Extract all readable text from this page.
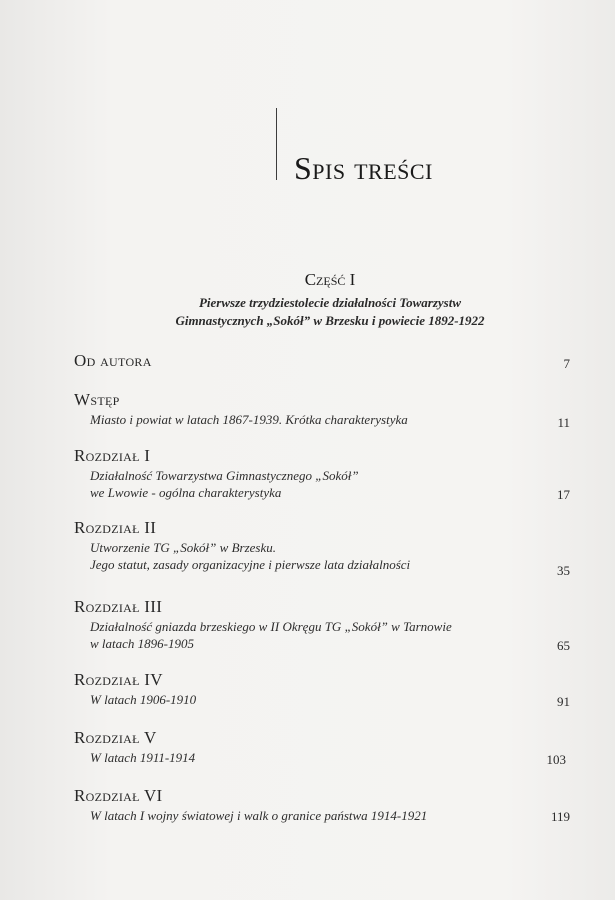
Spis treści
Część I
Pierwsze trzydziestolecie działalności Towarzystw
Gimnastycznych „Sokół” w Brzesku i powiecie 1892-1922
Od autora	7
Wstęp
Miasto i powiat w latach 1867-1939. Krótka charakterystyka	11
Rozdział I
Działalność Towarzystwa Gimnastycznego „Sokół”
we Lwowie - ogólna charakterystyka	17
Rozdział II
Utworzenie TG „Sokół” w Brzesku.
Jego statut, zasady organizacyjne i pierwsze lata działalności	35
Rozdział III
Działalność gniazda brzeskiego w II Okręgu TG „Sokół” w Tarnowie
w latach 1896-1905	65
Rozdział IV
W latach 1906-1910	91
Rozdział V
W latach 1911-1914	103
Rozdział VI
W latach I wojny światowej i walk o granice państwa 1914-1921	119
